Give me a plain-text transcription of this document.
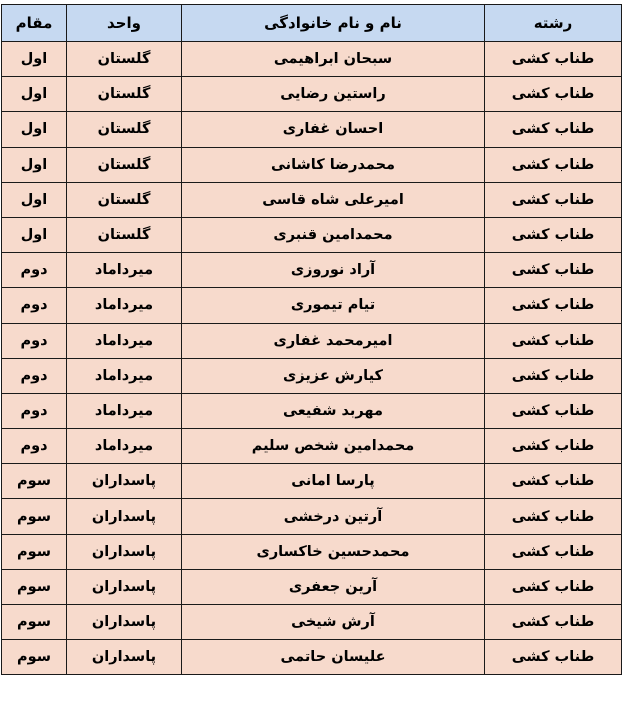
رشته	نام و نام خانوادگی	واحد	مقام
طناب کشی	سبحان ابراهیمی	گلستان	اول
طناب کشی	راستین رضایی	گلستان	اول
طناب کشی	احسان غفاری	گلستان	اول
طناب کشی	محمدرضا کاشانی	گلستان	اول
طناب کشی	امیرعلی شاه قاسی	گلستان	اول
طناب کشی	محمدامین قنبری	گلستان	اول
طناب کشی	آراد نوروزی	میرداماد	دوم
طناب کشی	تیام تیموری	میرداماد	دوم
طناب کشی	امیرمحمد غفاری	میرداماد	دوم
طناب کشی	کیارش عزیزی	میرداماد	دوم
طناب کشی	مهربد شفیعی	میرداماد	دوم
طناب کشی	محمدامین شخص سلیم	میرداماد	دوم
طناب کشی	پارسا امانی	پاسداران	سوم
طناب کشی	آرتین درخشی	پاسداران	سوم
طناب کشی	محمدحسین خاکساری	پاسداران	سوم
طناب کشی	آرین جعفری	پاسداران	سوم
طناب کشی	آرش شیخی	پاسداران	سوم
طناب کشی	علیسان حاتمی	پاسداران	سوم
